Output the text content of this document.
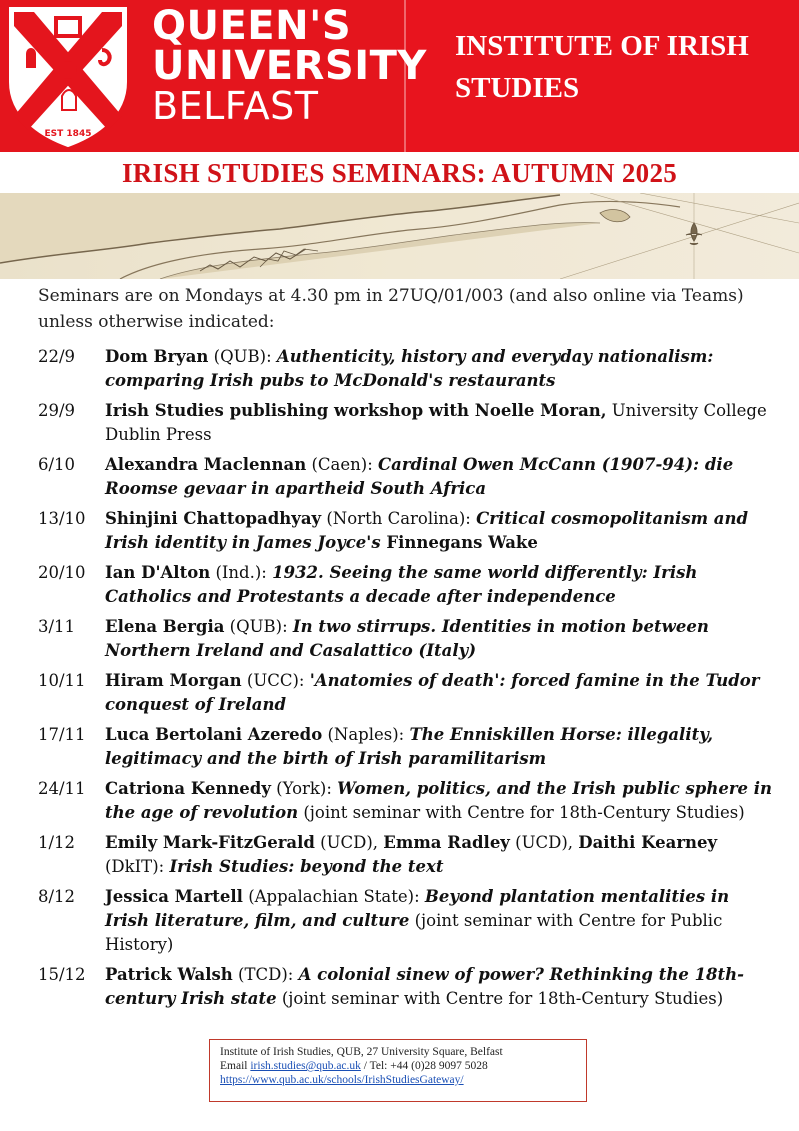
EST 1845
QUEEN'S
UNIVERSITY
BELFAST
INSTITUTE OF IRISH
STUDIES
IRISH STUDIES SEMINARS: AUTUMN 2025
Seminars are on Mondays at 4.30 pm in 27UQ/01/003 (and also online via Teams) unless otherwise indicated:
22/9	Dom Bryan (QUB): Authenticity, history and everyday nationalism: comparing Irish pubs to McDonald's restaurants
29/9	Irish Studies publishing workshop with Noelle Moran, University College Dublin Press
6/10	Alexandra Maclennan (Caen): Cardinal Owen McCann (1907-94): die Roomse gevaar in apartheid South Africa
13/10	Shinjini Chattopadhyay (North Carolina): Critical cosmopolitanism and Irish identity in James Joyce's Finnegans Wake
20/10	Ian D'Alton (Ind.): 1932. Seeing the same world differently: Irish Catholics and Protestants a decade after independence
3/11	Elena Bergia (QUB): In two stirrups. Identities in motion between Northern Ireland and Casalattico (Italy)
10/11	Hiram Morgan (UCC): 'Anatomies of death': forced famine in the Tudor conquest of Ireland
17/11	Luca Bertolani Azeredo (Naples): The Enniskillen Horse: illegality, legitimacy and the birth of Irish paramilitarism
24/11	Catriona Kennedy (York): Women, politics, and the Irish public sphere in the age of revolution (joint seminar with Centre for 18th-Century Studies)
1/12	Emily Mark-FitzGerald (UCD), Emma Radley (UCD), Daithi Kearney (DkIT): Irish Studies: beyond the text
8/12	Jessica Martell (Appalachian State): Beyond plantation mentalities in Irish literature, film, and culture (joint seminar with Centre for Public History)
15/12	Patrick Walsh (TCD): A colonial sinew of power? Rethinking the 18th-century Irish state (joint seminar with Centre for 18th-Century Studies)
Institute of Irish Studies, QUB, 27 University Square, Belfast
Email irish.studies@qub.ac.uk / Tel: +44 (0)28 9097 5028
https://www.qub.ac.uk/schools/IrishStudiesGateway/
